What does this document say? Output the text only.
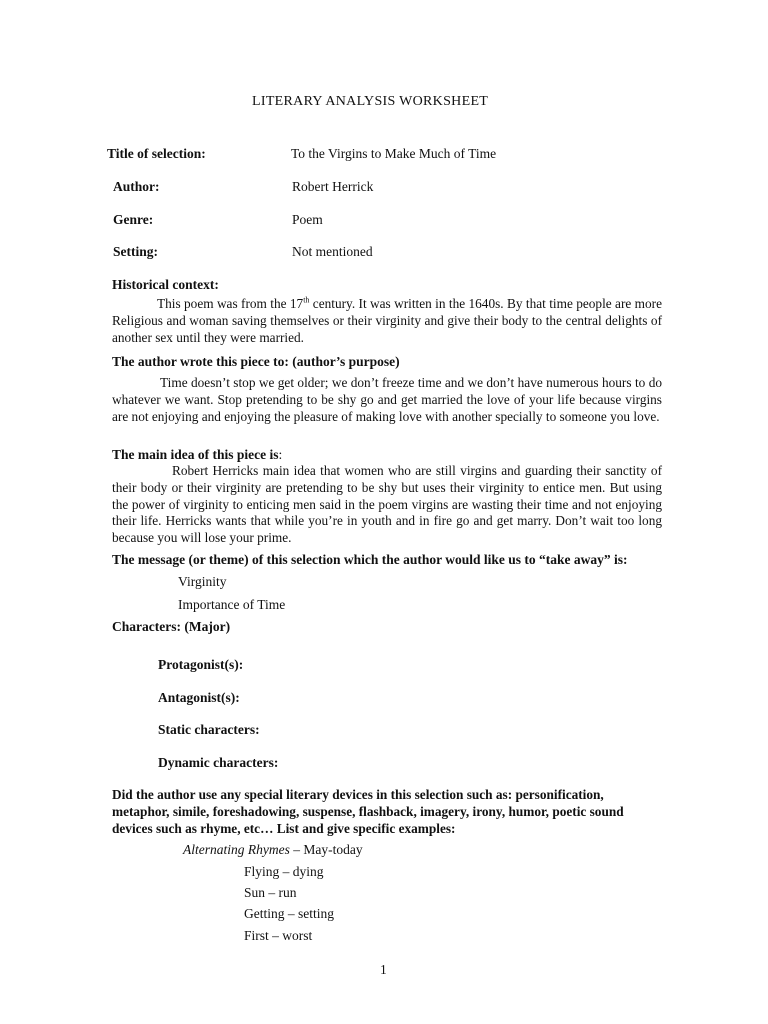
LITERARY ANALYSIS WORKSHEET
Title of selection:	To the Virgins to Make Much of Time
Author:	Robert Herrick
Genre:	Poem
Setting:	Not mentioned
Historical context:
This poem was from the 17th century. It was written in the 1640s. By that time people are more Religious and woman saving themselves or their virginity and give their body to the central delights of another sex until they were married.
The author wrote this piece to: (author’s purpose)
Time doesn’t stop we get older; we don’t freeze time and we don’t have numerous hours to do whatever we want. Stop pretending to be shy go and get married the love of your life because virgins are not enjoying and enjoying the pleasure of making love with another specially to someone you love.
The main idea of this piece is:
Robert Herricks main idea that women who are still virgins and guarding their sanctity of their body or their virginity are pretending to be shy but uses their virginity to entice men. But using the power of virginity to enticing men said in the poem virgins are wasting their time and not enjoying their life. Herricks wants that while you’re in youth and in fire go and get marry. Don’t wait too long because you will lose your prime.
The message (or theme) of this selection which the author would like us to “take away” is:
Virginity
Importance of Time
Characters: (Major)
Protagonist(s):
Antagonist(s):
Static characters:
Dynamic characters:
Did the author use any special literary devices in this selection such as: personification, metaphor, simile, foreshadowing, suspense, flashback, imagery, irony, humor, poetic sound devices such as rhyme, etc… List and give specific examples:
Alternating Rhymes – May-today
Flying – dying
Sun – run
Getting – setting
First – worst
1
